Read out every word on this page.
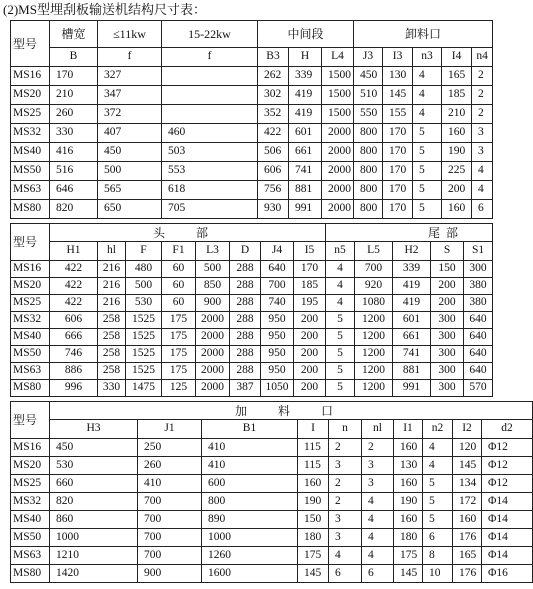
(2)MS型埋刮板输送机结构尺寸表：
型号	槽宽	≤11kw	15-22kw	中间段			卸料口				
	B	f	f	B3	H	L4	J3	I3	n3	I4	n4
MS16	170	327		262	339	1500	450	130	4	165	2
MS20	210	347		302	419	1500	510	145	4	185	2
MS25	260	372		352	419	1500	550	155	4	210	2
MS32	330	407	460	422	601	2000	800	170	5	160	3
MS40	416	450	503	506	661	2000	800	170	5	190	3
MS50	516	500	553	606	741	2000	800	170	5	225	4
MS63	646	565	618	756	881	2000	800	170	5	200	4
MS80	820	650	705	930	991	2000	800	170	5	160	6
型号	头 部								尾部				
	H1	hl	F	F1	L3	D	J4	I5	n5	L5	H2	S	S1
MS16	422	216	480	60	500	288	640	170	4	700	339	150	300
MS20	422	216	500	60	850	288	700	185	4	920	419	200	380
MS25	422	216	530	60	900	288	740	195	4	1080	419	200	380
MS32	606	258	1525	175	2000	288	950	200	5	1200	601	300	640
MS40	666	258	1525	175	2000	288	950	200	5	1200	661	300	640
MS50	746	258	1525	175	2000	288	950	200	5	1200	741	300	640
MS63	886	258	1525	175	2000	288	950	200	5	1200	881	300	640
MS80	996	330	1475	125	2000	387	1050	200	5	1200	991	300	570
型号	加 料 口									
	H3	J1	B1	I	n	nl	I1	n2	I2	d2
MS16	450	250	410	115	2	2	160	4	120	Φ12
MS20	530	260	410	115	3	3	130	4	145	Φ12
MS25	660	410	600	160	2	3	160	5	134	Φ12
MS32	820	700	800	190	2	4	190	5	172	Φ14
MS40	860	700	890	150	3	4	160	5	160	Φ14
MS50	1000	700	1000	180	3	4	180	6	176	Φ14
MS63	1210	700	1260	175	4	4	175	8	165	Φ14
MS80	1420	900	1600	145	6	6	145	10	176	Φ16
